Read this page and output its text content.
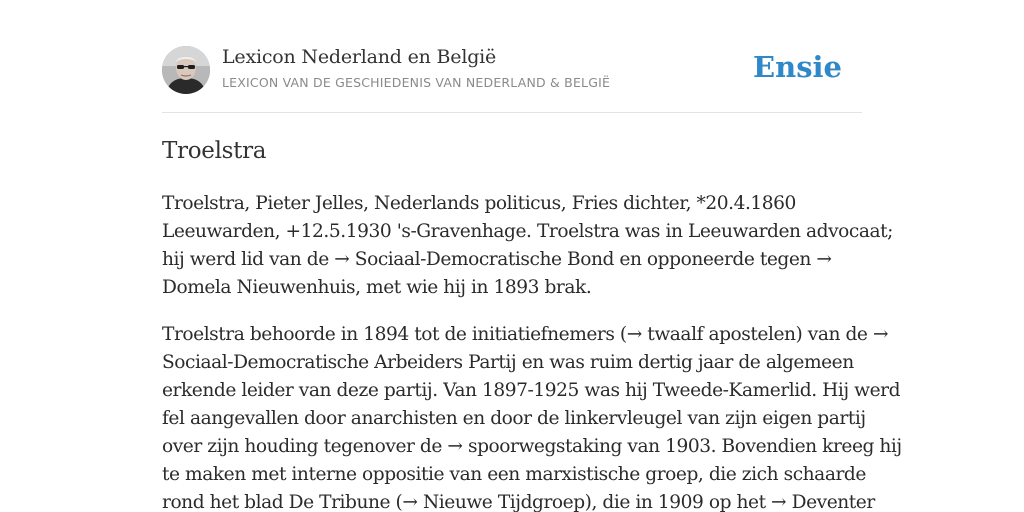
Lexicon Nederland en België
LEXICON VAN DE GESCHIEDENIS VAN NEDERLAND & BELGIË	Ensie
Troelstra
Troelstra, Pieter Jelles, Nederlands politicus, Fries dichter, *20.4.1860
Leeuwarden, +12.5.1930 's-Gravenhage. Troelstra was in Leeuwarden advocaat;
hij werd lid van de → Sociaal-Democratische Bond en opponeerde tegen →
Domela Nieuwenhuis, met wie hij in 1893 brak.
Troelstra behoorde in 1894 tot de initiatiefnemers (→ twaalf apostelen) van de →
Sociaal-Democratische Arbeiders Partij en was ruim dertig jaar de algemeen
erkende leider van deze partij. Van 1897-1925 was hij Tweede-Kamerlid. Hij werd
fel aangevallen door anarchisten en door de linkervleugel van zijn eigen partij
over zijn houding tegenover de → spoorwegstaking van 1903. Bovendien kreeg hij
te maken met interne oppositie van een marxistische groep, die zich schaarde
rond het blad De Tribune (→ Nieuwe Tijdgroep), die in 1909 op het → Deventer
